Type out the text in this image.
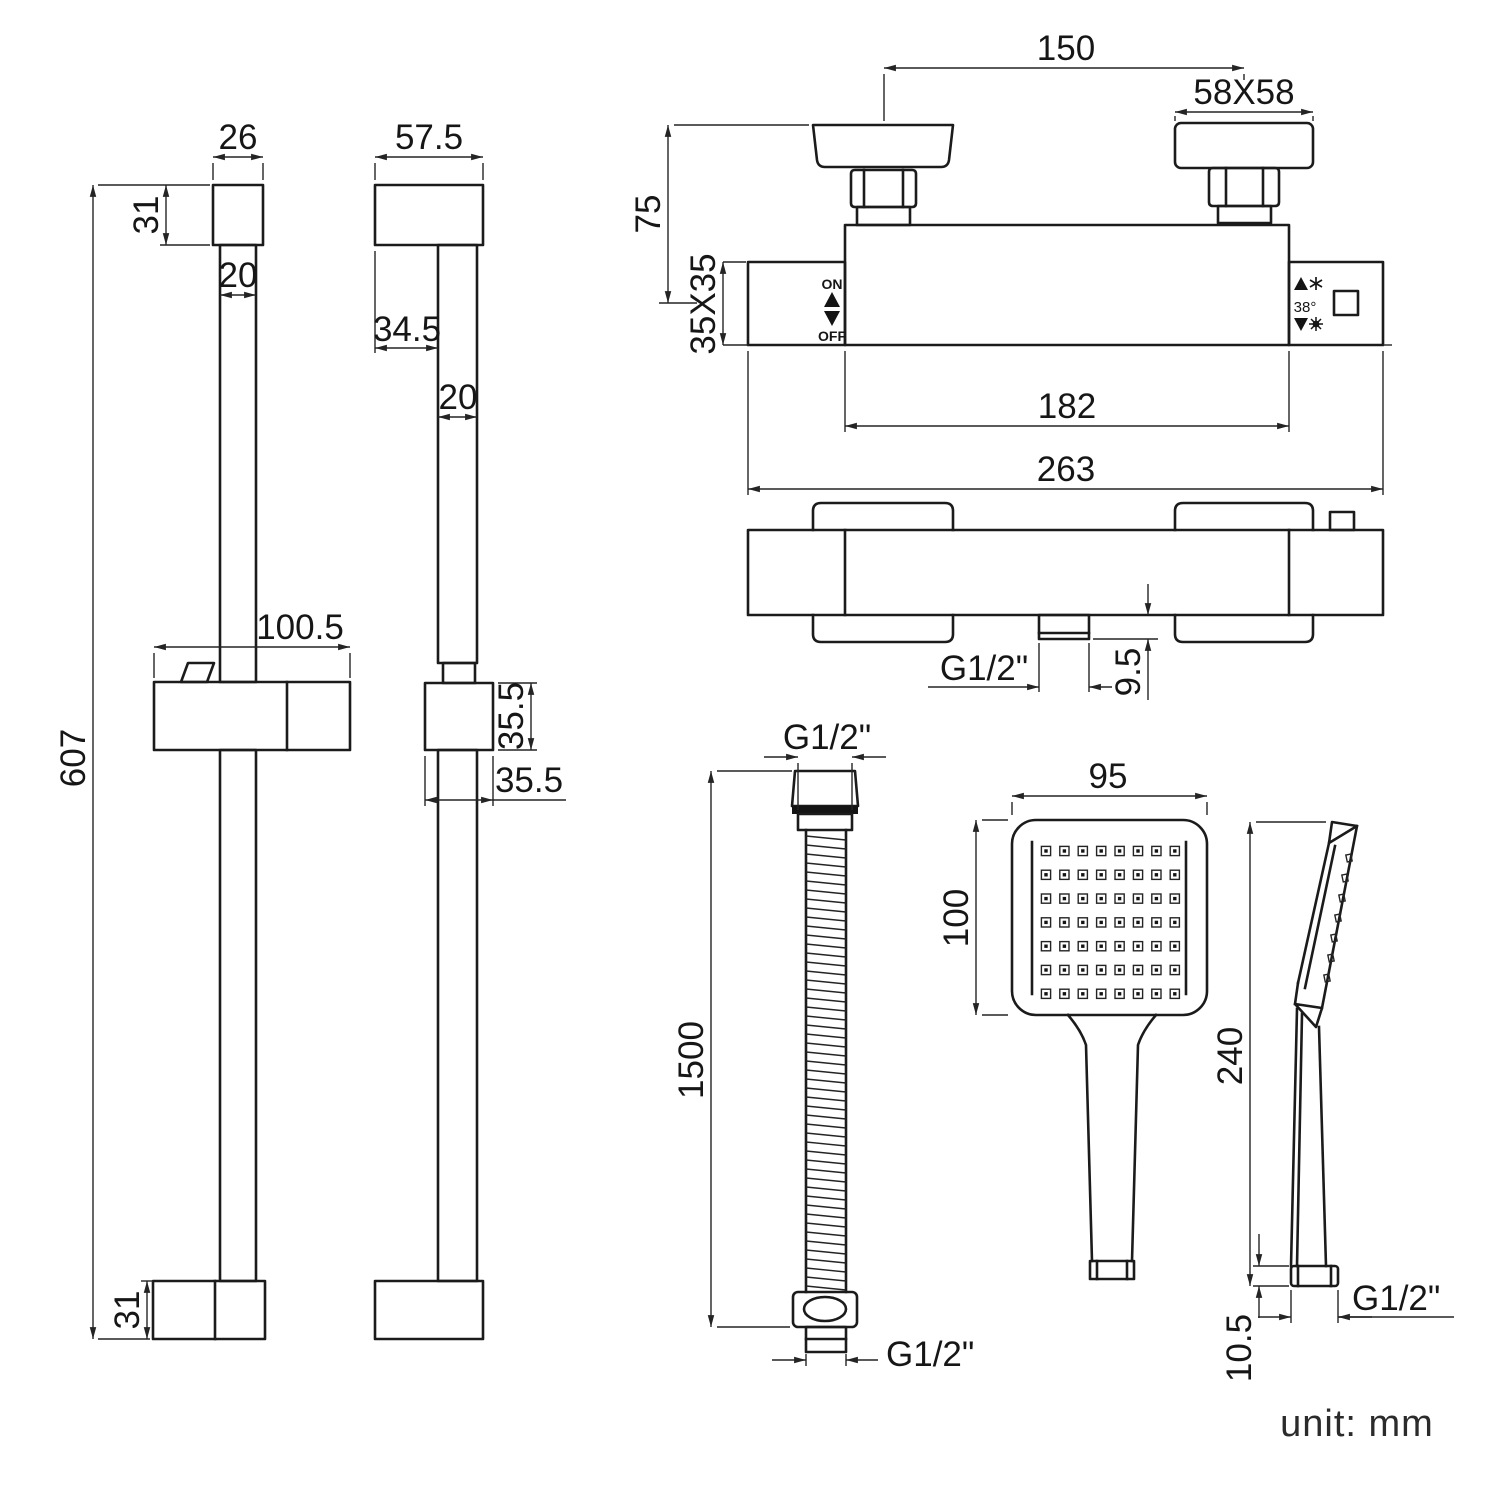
26
31
20
100.5
607
31
57.5
34.5
20
35.5
35.5
ON
OFF
38°
150
58X58
75
35X35
182
263
G1/2" 9.5
G1/2"
1500
G1/2"
95
100
240
10.5
G1/2"
unit: mm
